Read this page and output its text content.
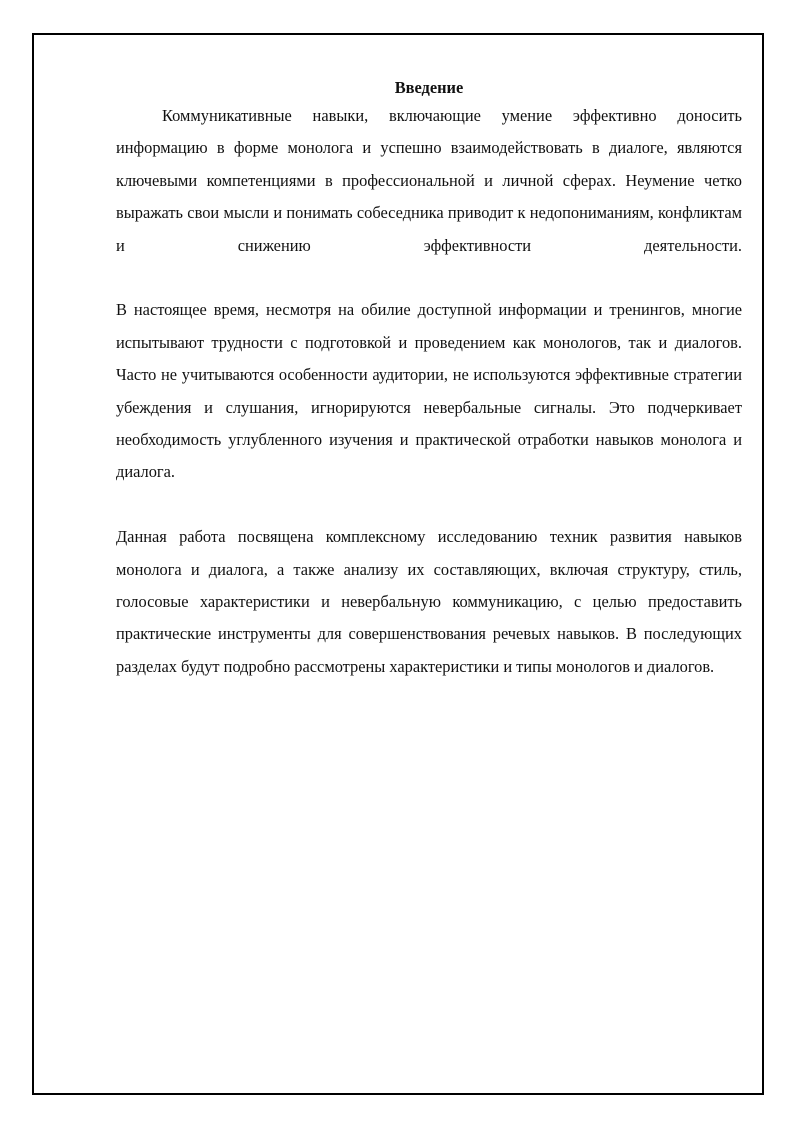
Введение

Коммуникативные навыки, включающие умение эффективно доносить информацию в форме монолога и успешно взаимодействовать в диалоге, являются ключевыми компетенциями в профессиональной и личной сферах. Неумение четко выражать свои мысли и понимать собеседника приводит к недопониманиям, конфликтам и снижению эффективности деятельности.

В настоящее время, несмотря на обилие доступной информации и тренингов, многие испытывают трудности с подготовкой и проведением как монологов, так и диалогов. Часто не учитываются особенности аудитории, не используются эффективные стратегии убеждения и слушания, игнорируются невербальные сигналы. Это подчеркивает необходимость углубленного изучения и практической отработки навыков монолога и диалога.

Данная работа посвящена комплексному исследованию техник развития навыков монолога и диалога, а также анализу их составляющих, включая структуру, стиль, голосовые характеристики и невербальную коммуникацию, с целью предоставить практические инструменты для совершенствования речевых навыков. В последующих разделах будут подробно рассмотрены характеристики и типы монологов и диалогов.
